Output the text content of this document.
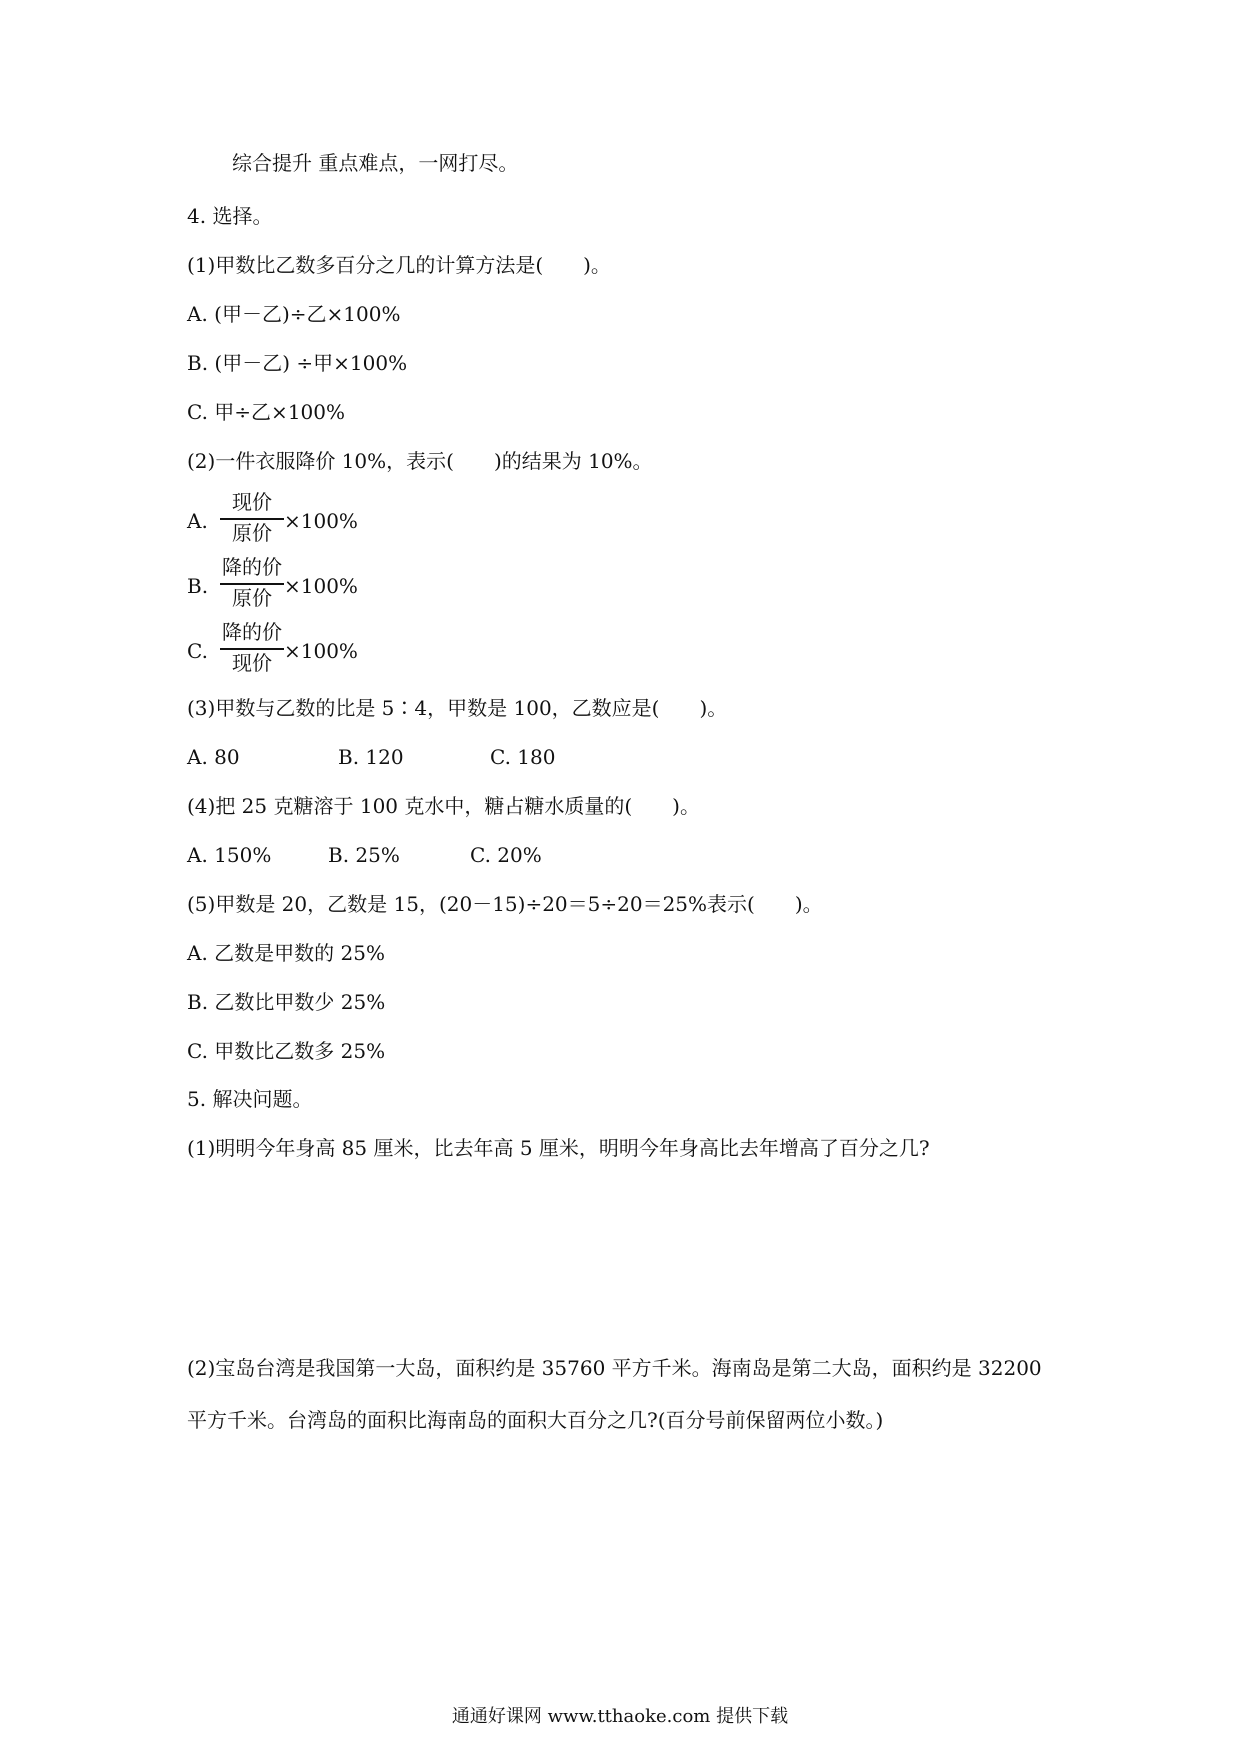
综合提升 重点难点，一网打尽。
4. 选择。
(1)甲数比乙数多百分之几的计算方法是(　　)。
A. (甲－乙)÷乙×100%
B. (甲－乙) ÷甲×100%
C. 甲÷乙×100%
(2)一件衣服降价 10%，表示(　　)的结果为 10%。
A.
现价
原价 ×100%
B.
降的价
原价 ×100%
C.
降的价
现价 ×100%
(3)甲数与乙数的比是 5∶4，甲数是 100，乙数应是(　　)。
A. 80	B. 120	C. 180
(4)把 25 克糖溶于 100 克水中，糖占糖水质量的(　　)。
A. 150%	B. 25%	C. 20%
(5)甲数是 20，乙数是 15，(20－15)÷20＝5÷20＝25%表示(　　)。
A. 乙数是甲数的 25%
B. 乙数比甲数少 25%
C. 甲数比乙数多 25%
5. 解决问题。
(1)明明今年身高 85 厘米，比去年高 5 厘米，明明今年身高比去年增高了百分之几?
(2)宝岛台湾是我国第一大岛，面积约是 35760 平方千米。海南岛是第二大岛，面积约是 32200
平方千米。台湾岛的面积比海南岛的面积大百分之几?(百分号前保留两位小数。)
通通好课网 www.tthaoke.com 提供下载
